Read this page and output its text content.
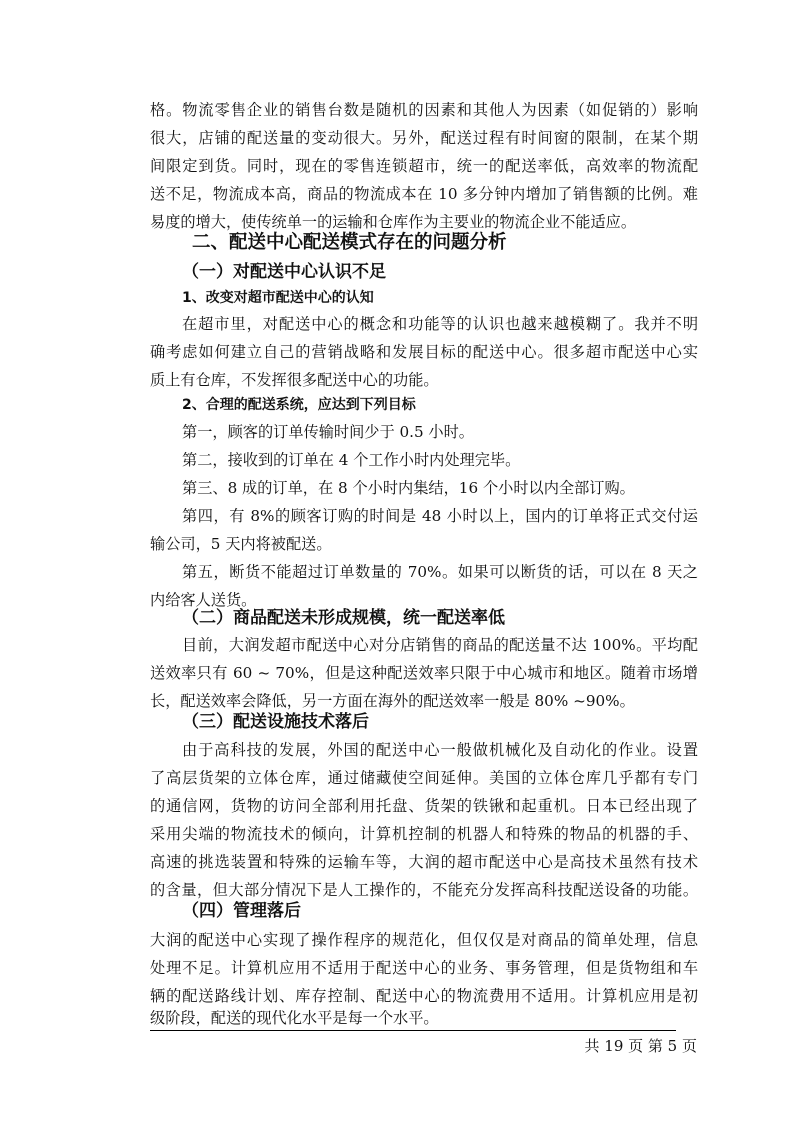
格。物流零售企业的销售台数是随机的因素和其他人为因素（如促销的）影响
很大，店铺的配送量的变动很大。另外，配送过程有时间窗的限制，在某个期
间限定到货。同时，现在的零售连锁超市，统一的配送率低，高效率的物流配
送不足，物流成本高，商品的物流成本在 10 多分钟内增加了销售额的比例。难
易度的增大，使传统单一的运输和仓库作为主要业的物流企业不能适应。
二、配送中心配送模式存在的问题分析
（一）对配送中心认识不足
1、改变对超市配送中心的认知
在超市里，对配送中心的概念和功能等的认识也越来越模糊了。我并不明
确考虑如何建立自己的营销战略和发展目标的配送中心。很多超市配送中心实
质上有仓库，不发挥很多配送中心的功能。
2、合理的配送系统，应达到下列目标
第一，顾客的订单传输时间少于 0.5 小时。
第二，接收到的订单在 4 个工作小时内处理完毕。
第三、8 成的订单，在 8 个小时内集结，16 个小时以内全部订购。
第四，有 8%的顾客订购的时间是 48 小时以上，国内的订单将正式交付运
输公司，5 天内将被配送。
第五，断货不能超过订单数量的 70%。如果可以断货的话，可以在 8 天之
内给客人送货。
（二）商品配送未形成规模，统一配送率低
目前，大润发超市配送中心对分店销售的商品的配送量不达 100%。平均配
送效率只有 60 ~ 70%，但是这种配送效率只限于中心城市和地区。随着市场增
长，配送效率会降低，另一方面在海外的配送效率一般是 80% ~90%。
（三）配送设施技术落后
由于高科技的发展，外国的配送中心一般做机械化及自动化的作业。设置
了高层货架的立体仓库，通过储藏使空间延伸。美国的立体仓库几乎都有专门
的通信网，货物的访问全部利用托盘、货架的铁锹和起重机。日本已经出现了
采用尖端的物流技术的倾向，计算机控制的机器人和特殊的物品的机器的手、
高速的挑选装置和特殊的运输车等，大润的超市配送中心是高技术虽然有技术
的含量，但大部分情况下是人工操作的，不能充分发挥高科技配送设备的功能。
（四）管理落后
大润的配送中心实现了操作程序的规范化，但仅仅是对商品的简单处理，信息
处理不足。计算机应用不适用于配送中心的业务、事务管理，但是货物组和车
辆的配送路线计划、库存控制、配送中心的物流费用不适用。计算机应用是初
级阶段，配送的现代化水平是每一个水平。
共 19 页 第 5 页
